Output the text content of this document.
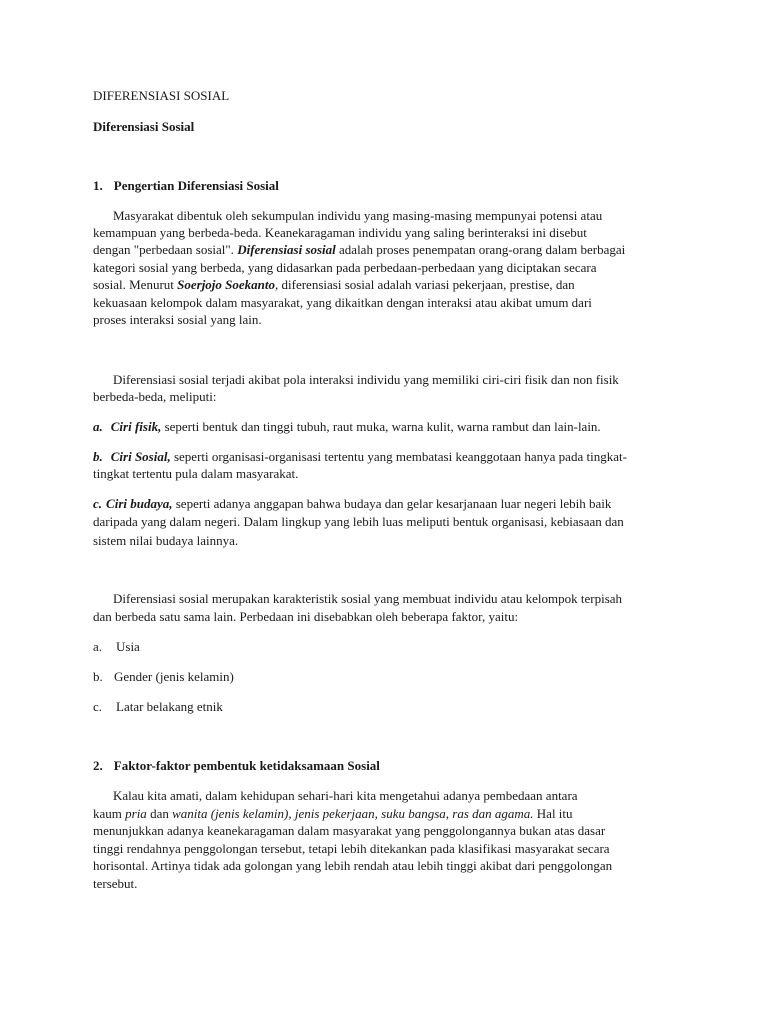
DIFERENSIASI SOSIAL
Diferensiasi Sosial
1. Pengertian Diferensiasi Sosial
Masyarakat dibentuk oleh sekumpulan individu yang masing-masing mempunyai potensi atau
kemampuan yang berbeda-beda. Keanekaragaman individu yang saling berinteraksi ini disebut
dengan "perbedaan sosial". Diferensiasi sosial adalah proses penempatan orang-orang dalam berbagai
kategori sosial yang berbeda, yang didasarkan pada perbedaan-perbedaan yang diciptakan secara
sosial. Menurut Soerjojo Soekanto, diferensiasi sosial adalah variasi pekerjaan, prestise, dan
kekuasaan kelompok dalam masyarakat, yang dikaitkan dengan interaksi atau akibat umum dari
proses interaksi sosial yang lain.
Diferensiasi sosial terjadi akibat pola interaksi individu yang memiliki ciri-ciri fisik dan non fisik
berbeda-beda, meliputi:
a. Ciri fisik, seperti bentuk dan tinggi tubuh, raut muka, warna kulit, warna rambut dan lain-lain.
b. Ciri Sosial, seperti organisasi-organisasi tertentu yang membatasi keanggotaan hanya pada tingkat-
tingkat tertentu pula dalam masyarakat.
c. Ciri budaya, seperti adanya anggapan bahwa budaya dan gelar kesarjanaan luar negeri lebih baik
daripada yang dalam negeri. Dalam lingkup yang lebih luas meliputi bentuk organisasi, kebiasaan dan
sistem nilai budaya lainnya.
Diferensiasi sosial merupakan karakteristik sosial yang membuat individu atau kelompok terpisah
dan berbeda satu sama lain. Perbedaan ini disebabkan oleh beberapa faktor, yaitu:
a. Usia
b. Gender (jenis kelamin)
c. Latar belakang etnik
2. Faktor-faktor pembentuk ketidaksamaan Sosial
Kalau kita amati, dalam kehidupan sehari-hari kita mengetahui adanya pembedaan antara
kaum pria dan wanita (jenis kelamin), jenis pekerjaan, suku bangsa, ras dan agama. Hal itu
menunjukkan adanya keanekaragaman dalam masyarakat yang penggolongannya bukan atas dasar
tinggi rendahnya penggolongan tersebut, tetapi lebih ditekankan pada klasifikasi masyarakat secara
horisontal. Artinya tidak ada golongan yang lebih rendah atau lebih tinggi akibat dari penggolongan
tersebut.
